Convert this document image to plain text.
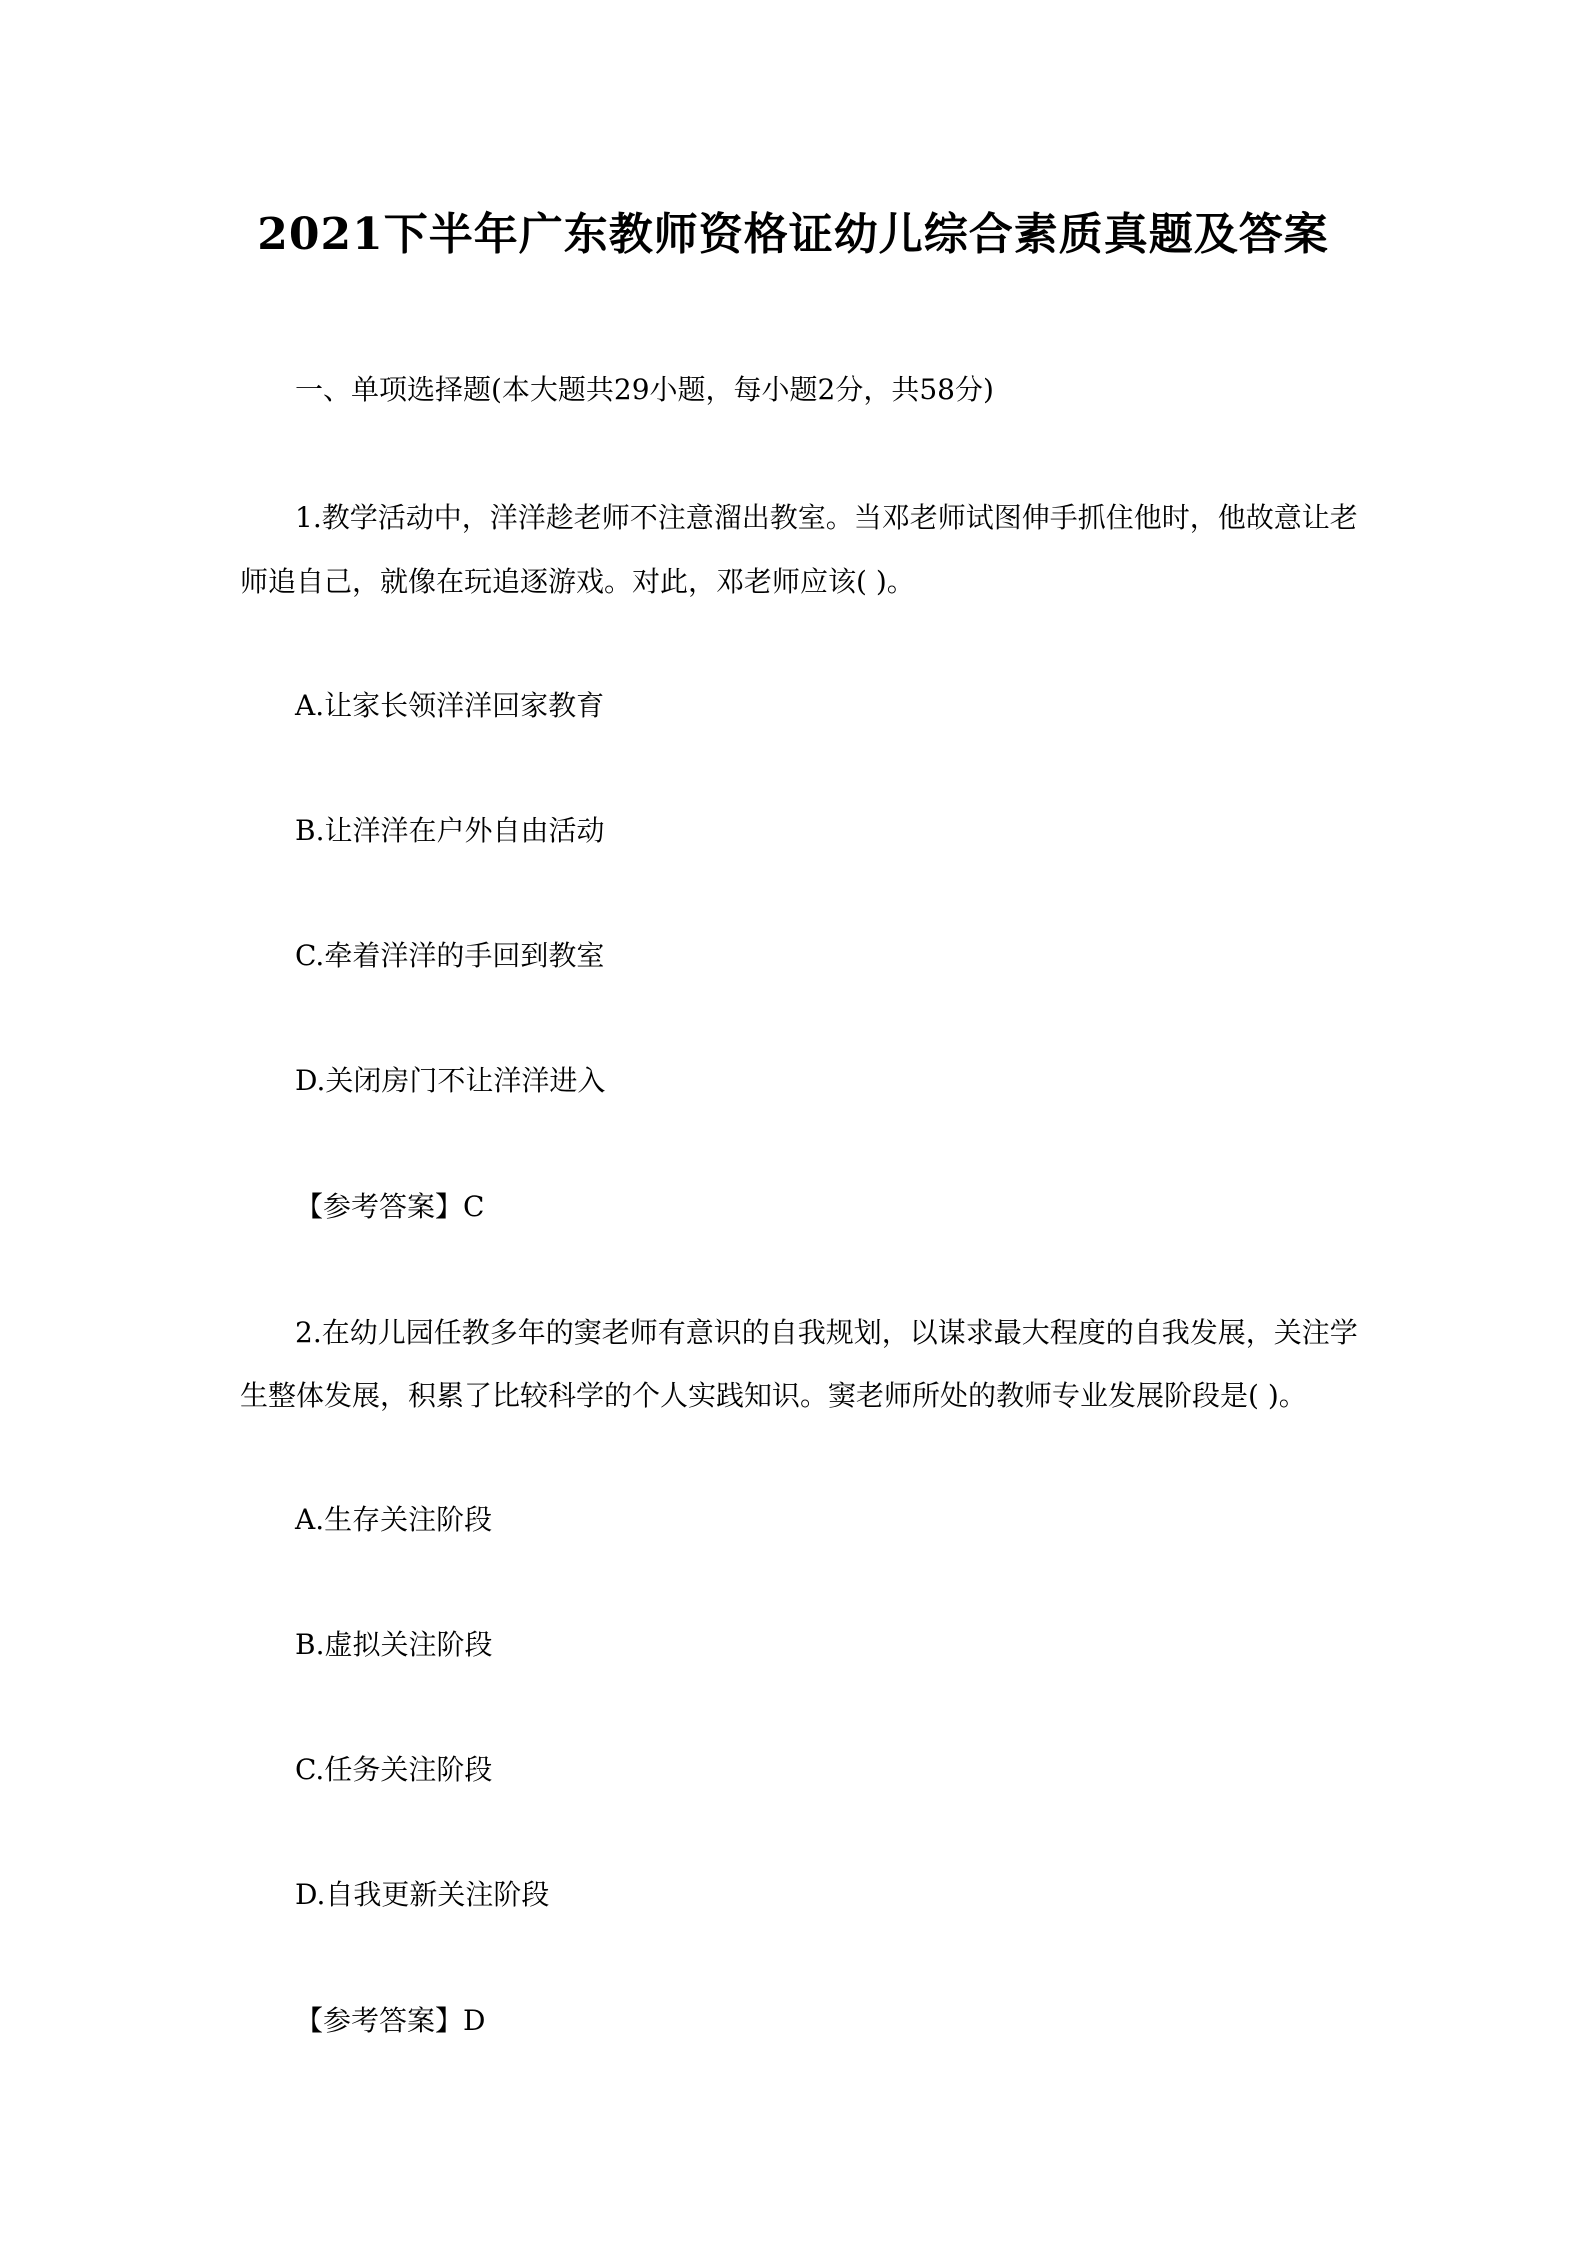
2021下半年广东教师资格证幼儿综合素质真题及答案
一、单项选择题(本大题共29小题，每小题2分，共58分)
1.教学活动中，洋洋趁老师不注意溜出教室。当邓老师试图伸手抓住他时，他故意让老
师追自己，就像在玩追逐游戏。对此，邓老师应该( )。
A.让家长领洋洋回家教育
B.让洋洋在户外自由活动
C.牵着洋洋的手回到教室
D.关闭房门不让洋洋进入
【参考答案】C
2.在幼儿园任教多年的窦老师有意识的自我规划，以谋求最大程度的自我发展，关注学
生整体发展，积累了比较科学的个人实践知识。窦老师所处的教师专业发展阶段是( )。
A.生存关注阶段
B.虚拟关注阶段
C.任务关注阶段
D.自我更新关注阶段
【参考答案】D
